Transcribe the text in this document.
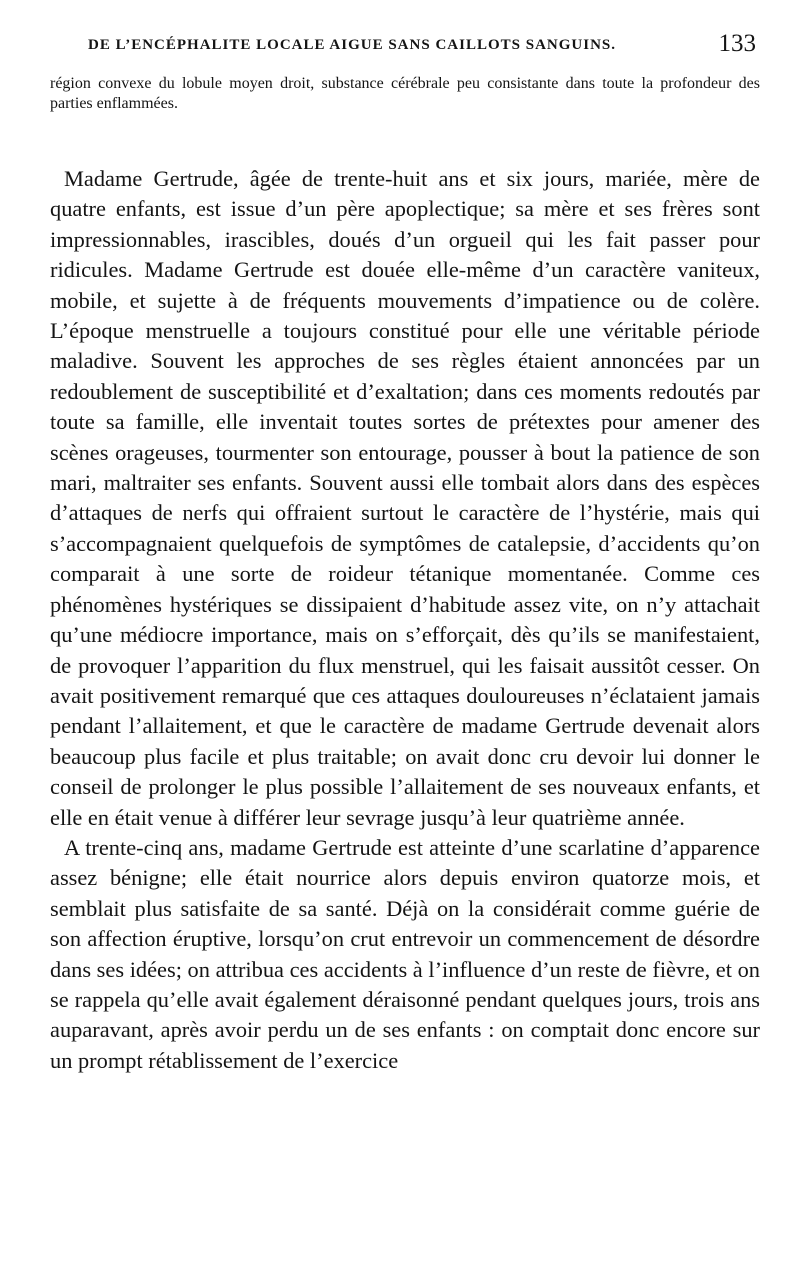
DE L’ENCÉPHALITE LOCALE AIGUE SANS CAILLOTS SANGUINS.	133

région convexe du lobule moyen droit, substance cérébrale peu consistante dans toute la profondeur des parties enflammées.

Madame Gertrude, âgée de trente-huit ans et six jours, mariée, mère de quatre enfants, est issue d’un père apoplectique; sa mère et ses frères sont impressionnables, irascibles, doués d’un orgueil qui les fait passer pour ridicules. Madame Gertrude est douée elle-même d’un caractère vaniteux, mobile, et sujette à de fréquents mouvements d’impatience ou de colère. L’époque menstruelle a toujours constitué pour elle une véritable période maladive. Souvent les approches de ses règles étaient annoncées par un redoublement de susceptibilité et d’exaltation; dans ces moments redoutés par toute sa famille, elle inventait toutes sortes de prétextes pour amener des scènes orageuses, tourmenter son entourage, pousser à bout la patience de son mari, maltraiter ses enfants. Souvent aussi elle tombait alors dans des espèces d’attaques de nerfs qui offraient surtout le caractère de l’hystérie, mais qui s’accompagnaient quelquefois de symptômes de catalepsie, d’accidents qu’on comparait à une sorte de roideur tétanique momentanée. Comme ces phénomènes hystériques se dissipaient d’habitude assez vite, on n’y attachait qu’une médiocre importance, mais on s’efforçait, dès qu’ils se manifestaient, de provoquer l’apparition du flux menstruel, qui les faisait aussitôt cesser. On avait positivement remarqué que ces attaques douloureuses n’éclataient jamais pendant l’allaitement, et que le caractère de madame Gertrude devenait alors beaucoup plus facile et plus traitable; on avait donc cru devoir lui donner le conseil de prolonger le plus possible l’allaitement de ses nouveaux enfants, et elle en était venue à différer leur sevrage jusqu’à leur quatrième année.

A trente-cinq ans, madame Gertrude est atteinte d’une scarlatine d’apparence assez bénigne; elle était nourrice alors depuis environ quatorze mois, et semblait plus satisfaite de sa santé. Déjà on la considérait comme guérie de son affection éruptive, lorsqu’on crut entrevoir un commencement de désordre dans ses idées; on attribua ces accidents à l’influence d’un reste de fièvre, et on se rappela qu’elle avait également déraisonné pendant quelques jours, trois ans auparavant, après avoir perdu un de ses enfants : on comptait donc encore sur un prompt rétablissement de l’exercice
